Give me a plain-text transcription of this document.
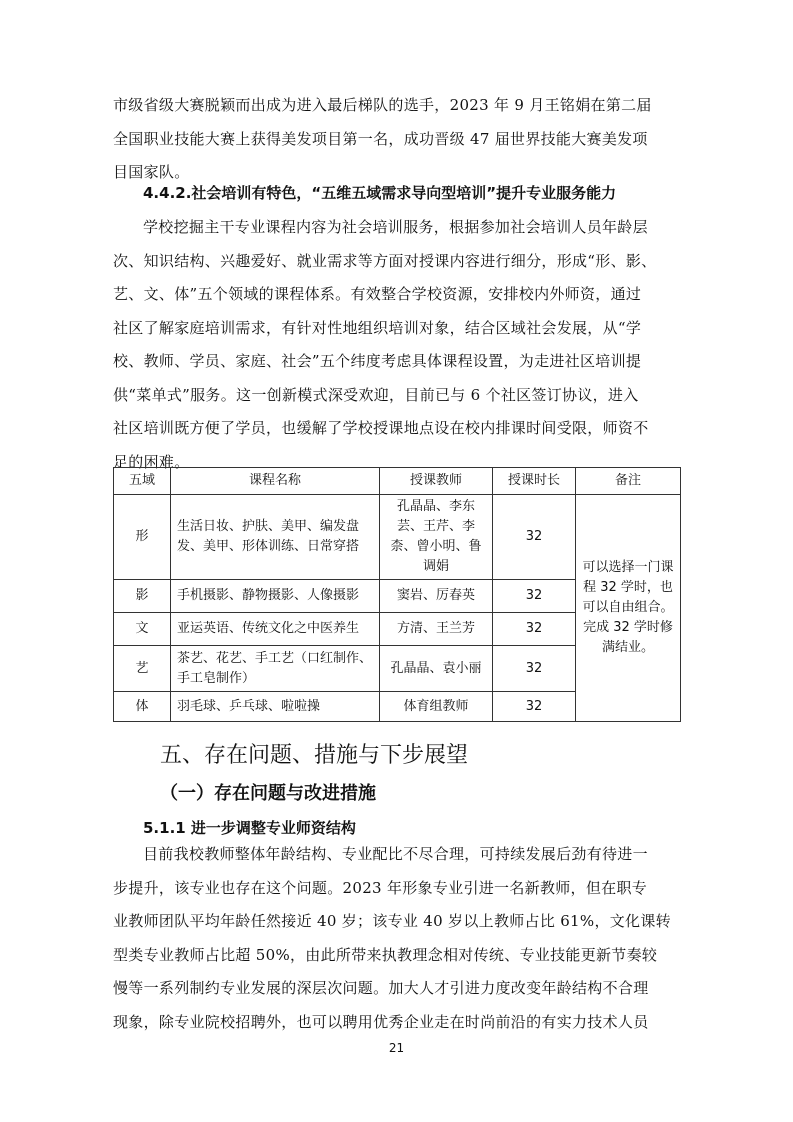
市级省级大赛脱颖而出成为进入最后梯队的选手，2023 年 9 月王铭娟在第二届
全国职业技能大赛上获得美发项目第一名，成功晋级 47 届世界技能大赛美发项
目国家队。
4.4.2.社会培训有特色，“五维五域需求导向型培训”提升专业服务能力
学校挖掘主干专业课程内容为社会培训服务，根据参加社会培训人员年龄层
次、知识结构、兴趣爱好、就业需求等方面对授课内容进行细分，形成“形、影、
艺、文、体”五个领域的课程体系。有效整合学校资源，安排校内外师资，通过
社区了解家庭培训需求，有针对性地组织培训对象，结合区域社会发展，从“学
校、教师、学员、家庭、社会”五个纬度考虑具体课程设置，为走进社区培训提
供“菜单式”服务。这一创新模式深受欢迎，目前已与 6 个社区签订协议，进入
社区培训既方便了学员，也缓解了学校授课地点设在校内排课时间受限，师资不
足的困难。
五域	课程名称	授课教师	授课时长	备注
形	生活日妆、护肤、美甲、编发盘发、美甲、形体训练、日常穿搭	孔晶晶、李东芸、王芹、李柰、曾小明、鲁调娟	32	可以选择一门课程 32 学时，也可以自由组合。完成 32 学时修满结业。
影	手机摄影、静物摄影、人像摄影	窦岩、厉春英	32	
文	亚运英语、传统文化之中医养生	方清、王兰芳	32	
艺	茶艺、花艺、手工艺（口红制作、手工皂制作）	孔晶晶、袁小丽	32	
体	羽毛球、乒乓球、啦啦操	体育组教师	32	
五、存在问题、措施与下步展望
（一）存在问题与改进措施
5.1.1 进一步调整专业师资结构
目前我校教师整体年龄结构、专业配比不尽合理，可持续发展后劲有待进一
步提升，该专业也存在这个问题。2023 年形象专业引进一名新教师，但在职专
业教师团队平均年龄任然接近 40 岁；该专业 40 岁以上教师占比 61%，文化课转
型类专业教师占比超 50%，由此所带来执教理念相对传统、专业技能更新节奏较
慢等一系列制约专业发展的深层次问题。加大人才引进力度改变年龄结构不合理
现象，除专业院校招聘外，也可以聘用优秀企业走在时尚前沿的有实力技术人员
21
